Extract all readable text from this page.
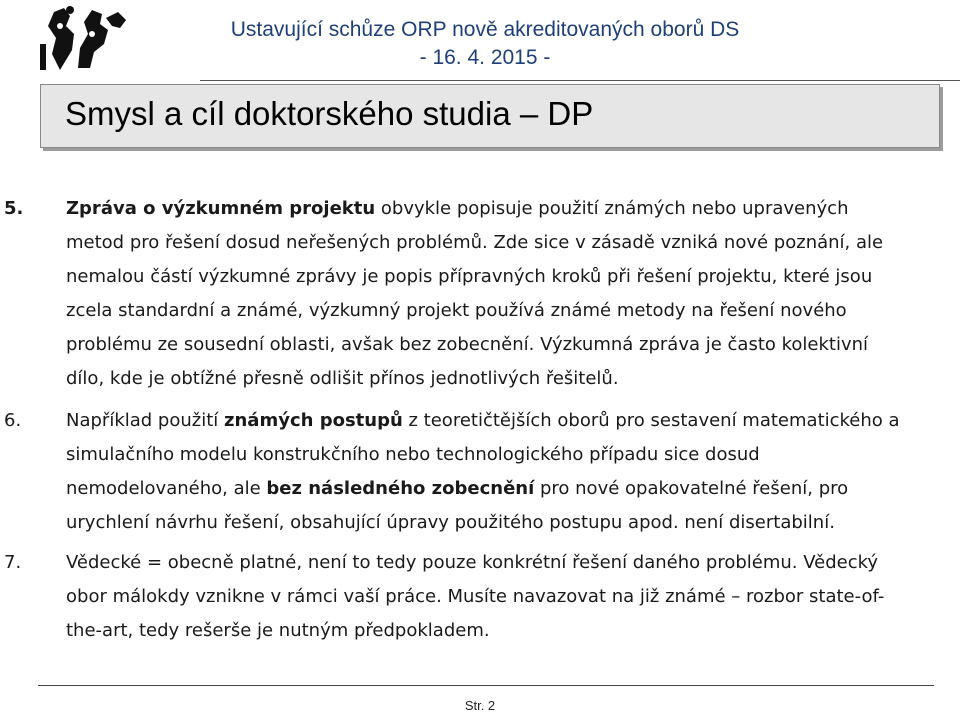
Ustavující schůze ORP nově akreditovaných oborů DS
- 16. 4. 2015 -
Smysl a cíl doktorského studia – DP
5. Zpráva o výzkumném projektu obvykle popisuje použití známých nebo upravených
metod pro řešení dosud neřešených problémů. Zde sice v zásadě vzniká nové poznání, ale
nemalou částí výzkumné zprávy je popis přípravných kroků při řešení projektu, které jsou
zcela standardní a známé, výzkumný projekt používá známé metody na řešení nového
problému ze sousední oblasti, avšak bez zobecnění. Výzkumná zpráva je často kolektivní
dílo, kde je obtížné přesně odlišit přínos jednotlivých řešitelů.
6. Například použití známých postupů z teoretičtějších oborů pro sestavení matematického a
simulačního modelu konstrukčního nebo technologického případu sice dosud
nemodelovaného, ale bez následného zobecnění pro nové opakovatelné řešení, pro
urychlení návrhu řešení, obsahující úpravy použitého postupu apod. není disertabilní.
7. Vědecké = obecně platné, není to tedy pouze konkrétní řešení daného problému. Vědecký
obor málokdy vznikne v rámci vaší práce. Musíte navazovat na již známé – rozbor state-of-
the-art, tedy rešerše je nutným předpokladem.
Str. 2
